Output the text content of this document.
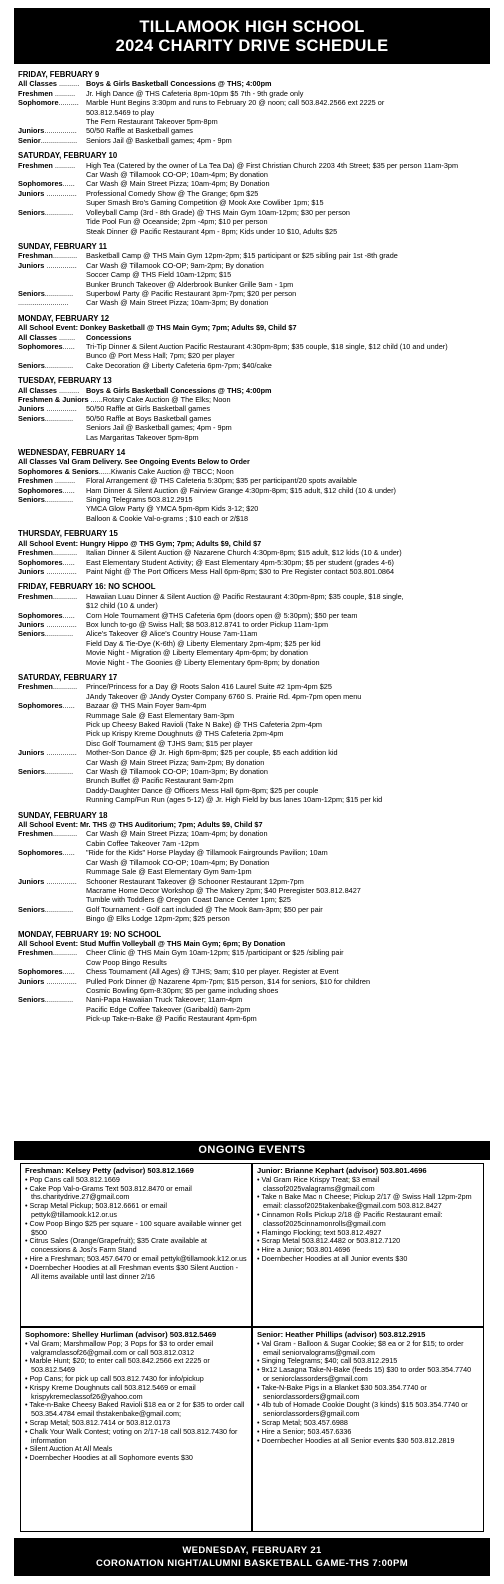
TILLAMOOK HIGH SCHOOL
2024 CHARITY DRIVE SCHEDULE
FRIDAY, FEBRUARY 9
All Classes .......... Boys & Girls Basketball Concessions @ THS; 4:00pm
Freshmen ..........	Jr. High Dance @ THS Cafeteria 8pm-10pm $5 7th - 9th grade only
Sophomore.......... Marble Hunt Begins 3:30pm and runs to February 20 @ noon; call 503.842.2566 ext 2225 or
503.812.5469 to play
The Fern Restaurant Takeover 5pm-8pm
Juniors................	50/50 Raffle at Basketball games
Senior..................	Seniors Jail @ Basketball games; 4pm - 9pm
SATURDAY, FEBRUARY 10
Freshmen ..........	High Tea (Catered by the owner of La Tea Da) @ First Christian Church 2203 4th Street; $35 per person 11am-3pm
Car Wash @ Tillamook CO-OP; 10am-4pm; By donation
Sophomores......	Car Wash @ Main Street Pizza; 10am-4pm; By Donation
Juniors ...............	Professional Comedy Show @ The Grange; 6pm $25
Super Smash Bro's Gaming Competition @ Mook Axe Cowliber 1pm; $15
Seniors..............	Volleyball Camp (3rd - 8th Grade) @ THS Main Gym 10am-12pm; $30 per person
Tide Pool Fun @ Oceanside; 2pm -4pm; $10 per person
Steak Dinner @ Pacific Restaurant 4pm - 8pm; Kids under 10 $10, Adults $25
SUNDAY, FEBRUARY 11
Freshman............	Basketball Camp @ THS Main Gym 12pm-2pm; $15 participant or $25 sibling pair 1st -8th grade
Juniors ...............	Car Wash @ Tillamook CO-OP; 9am-2pm; By donation
Soccer Camp @ THS Field 10am-12pm; $15
Bunker Brunch Takeover @ Alderbrook Bunker Grille 9am - 1pm
Seniors..............	Superbowl Party @ Pacific Restaurant 3pm-7pm; $20 per person
.........................	Car Wash @ Main Street Pizza; 10am-3pm; By donation
MONDAY, FEBRUARY 12
All School Event: Donkey Basketball @ THS Main Gym; 7pm; Adults $9, Child $7
All Classes ........	Concessions
Sophomores......	Tri-Tip Dinner & Silent Auction Pacific Restaurant 4:30pm-8pm; $35 couple, $18 single, $12 child (10 and under)
Bunco @ Port Mess Hall; 7pm; $20 per player
Seniors..............	Cake Decoration @ Liberty Cafeteria 6pm-7pm; $40/cake
TUESDAY, FEBRUARY 13
All Classes .......... Boys & Girls Basketball Concessions @ THS; 4:00pm
Freshmen & Juniors ...... Rotary Cake Auction @ The Elks; Noon
Juniors ...............	50/50 Raffle at Girls Basketball games
Seniors..............	50/50 Raffle at Boys Basketball games
Seniors Jail @ Basketball games; 4pm - 9pm
Las Margaritas Takeover 5pm-8pm
WEDNESDAY, FEBRUARY 14
All Classes Val Gram Delivery. See Ongoing Events Below to Order
Sophomores & Seniors...... Kiwanis Cake Auction @ TBCC; Noon
Freshmen ..........	Floral Arrangement @ THS Cafeteria 5:30pm; $35 per participant/20 spots available
Sophomores......	Ham Dinner & Silent Auction @ Fairview Grange 4:30pm-8pm; $15 adult, $12 child (10 & under)
Seniors..............	Singing Telegrams 503.812.2915
YMCA Glow Party @ YMCA 5pm-8pm Kids 3-12; $20
Balloon & Cookie Val-o-grams ; $10 each or 2/$18
THURSDAY, FEBRUARY 15
All School Event: Hungry Hippo @ THS Gym; 7pm; Adults $9, Child $7
Freshmen............	Italian Dinner & Silent Auction @ Nazarene Church 4:30pm-8pm; $15 adult, $12 kids (10 & under)
Sophomores......	East Elementary Student Activity; @ East Elementary 4pm-5:30pm; $5 per student (grades 4-6)
Juniors ...............	Paint Night @ The Port Officers Mess Hall 6pm-8pm; $30 to Pre Register contact 503.801.0864
FRIDAY, FEBRUARY 16: NO SCHOOL
Freshmen............	Hawaiian Luau Dinner & Silent Auction @ Pacific Restaurant 4:30pm-8pm; $35 couple, $18 single,
$12 child (10 & under)
Sophomores......	Corn Hole Tournament @THS Cafeteria 6pm (doors open @ 5:30pm); $50 per team
Juniors ...............	Box lunch to-go @ Swiss Hall; $8 503.812.8741 to order Pickup 11am-1pm
Seniors..............	Alice's Takeover @ Alice's Country House 7am-11am
Field Day & Tie-Dye (K-6th) @ Liberty Elementary 2pm-4pm; $25 per kid
Movie Night - Migration @ Liberty Elementary 4pm-6pm; by donation
Movie Night - The Goonies @ Liberty Elementary 6pm-8pm; by donation
SATURDAY, FEBRUARY 17
Freshmen............	Prince/Princess for a Day @ Roots Salon 416 Laurel Suite #2 1pm-4pm $25
JAndy Takeover @ JAndy Oyster Company 6760 S. Prairie Rd. 4pm-7pm open menu
Sophomores......	Bazaar @ THS Main Foyer 9am-4pm
Rummage Sale @ East Elementary 9am-3pm
Pick up Cheesy Baked Ravioli (Take N Bake) @ THS Cafeteria 2pm-4pm
Pick up Krispy Kreme Doughnuts @ THS Cafeteria 2pm-4pm
Disc Golf Tournament @ TJHS 9am; $15 per player
Juniors ...............	Mother-Son Dance @ Jr. High 6pm-8pm; $25 per couple, $5 each addition kid
Car Wash @ Main Street Pizza; 9am-2pm; By donation
Seniors..............	Car Wash @ Tillamook CO-OP; 10am-3pm; By donation
Brunch Buffet @ Pacific Restaurant 9am-2pm
Daddy-Daughter Dance @ Officers Mess Hall 6pm-8pm; $25 per couple
Running Camp/Fun Run (ages 5-12) @ Jr. High Field by bus lanes 10am-12pm; $15 per kid
SUNDAY, FEBRUARY 18
All School Event: Mr. THS @ THS Auditorium; 7pm; Adults $9, Child $7
Freshmen............	Car Wash @ Main Street Pizza; 10am-4pm; by donation
Cabin Coffee Takeover 7am -12pm
Sophomores......	"Ride for the Kids" Horse Playday @ Tillamook Fairgrounds Pavilion; 10am
Car Wash @ Tillamook CO-OP; 10am-4pm; By Donation
Rummage Sale @ East Elementary Gym 9am-1pm
Juniors ...............	Schooner Restaurant Takeover @ Schooner Restaurant 12pm-7pm
Macrame Home Decor Workshop @ The Makery 2pm; $40 Preregister 503.812.8427
Tumble with Toddlers @ Oregon Coast Dance Center 1pm; $25
Seniors..............	Golf Tournament - Golf cart included @ The Mook 8am-3pm; $50 per pair
Bingo @ Elks Lodge 12pm-2pm; $25 person
MONDAY, FEBRUARY 19: NO SCHOOL
All School Event: Stud Muffin Volleyball @ THS Main Gym; 6pm; By Donation
Freshmen............	Cheer Clinic @ THS Main Gym 10am-12pm; $15 /participant or $25 /sibling pair
Cow Poop Bingo Results
Sophomores......	Chess Tournament (All Ages) @ TJHS; 9am; $10 per player. Register at Event
Juniors ...............	Pulled Pork Dinner @ Nazarene 4pm-7pm; $15 person, $14 for seniors, $10 for children
Cosmic Bowling 6pm-8:30pm; $5 per game including shoes
Seniors..............	Nani-Papa Hawaiian Truck Takeover; 11am-4pm
Pacific Edge Coffee Takeover (Garibaldi) 6am-2pm
Pick-up Take-n-Bake @ Pacific Restaurant 4pm-6pm
ONGOING EVENTS
Freshman: Kelsey Petty (advisor) 503.812.1669
• Pop Cans call 503.812.1669
• Cake Pop Val-o-Grams Text 503.812.8470 or email ths.charitydrive.27@gmail.com
• Scrap Metal Pickup; 503.812.6661 or email pettyk@tillamook.k12.or.us
• Cow Poop Bingo $25 per square - 100 square available winner get $500
• Citrus Sales (Orange/Grapefruit); $35 Crate available at concessions & Josi's Farm Stand
• Hire a Freshman; 503.457.6470 or email pettyk@tillamook.k12.or.us
• Doernbecher Hoodies at all Freshman events $30 Silent Auction - All items available until last dinner 2/16
Junior: Brianne Kephart (advisor) 503.801.4696
• Val Gram Rice Krispy Treat; $3 email classof2025valagrams@gmail.com
• Take n Bake Mac n Cheese; Pickup 2/17 @ Swiss Hall 12pm-2pm email: classof2025takenbake@gmail.com 503.812.8427
• Cinnamon Rolls Pickup 2/18 @ Pacific Restaurant email: classof2025cinnamonrolls@gmail.com
• Flamingo Flocking; text 503.812.4927
• Scrap Metal 503.812.4482 or 503.812.7120
• Hire a Junior; 503.801.4696
• Doernbecher Hoodies at all Junior events $30
Sophomore: Shelley Hurliman (advisor) 503.812.5469
• Val Gram; Marshmallow Pop; 3 Pops for $3 to order email valgramclassof26@gmail.com or call 503.812.0312
• Marble Hunt; $20; to enter call 503.842.2566 ext 2225 or 503.812.5469
• Pop Cans; for pick up call 503.812.7430 for info/pickup
• Krispy Kreme Doughnuts call 503.812.5469 or email krispykremeclassof26@yahoo.com
• Take-n-Bake Cheesy Baked Ravioli $18 ea or 2 for $35 to order call 503.354.4784 email thstakenbake@gmail.com;
• Scrap Metal; 503.812.7414 or 503.812.0173
• Chalk Your Walk Contest; voting on 2/17-18 call 503.812.7430 for information
• Silent Auction At All Meals
• Doernbecher Hoodies at all Sophomore events $30
Senior: Heather Phillips (advisor) 503.812.2915
• Val Gram - Balloon & Sugar Cookie; $8 ea or 2 for $15; to order email seniorvalograms@gmail.com
• Singing Telegrams; $40; call 503.812.2915
• 9x12 Lasagna Take-N-Bake (feeds 15) $30 to order 503.354.7740 or seniorclassorders@gmail.com
• Take-N-Bake Pigs in a Blanket $30 503.354.7740 or seniorclassorders@gmail.com
• 4lb tub of Homade Cookie Dought (3 kinds) $15 503.354.7740 or seniorclassorders@gmail.com
• Scrap Metal; 503.457.6988
• Hire a Senior; 503.457.6336
• Doernbecher Hoodies at all Senior events $30 503.812.2819
WEDNESDAY, FEBRUARY 21
CORONATION NIGHT/ALUMNI BASKETBALL GAME-THS 7:00PM
